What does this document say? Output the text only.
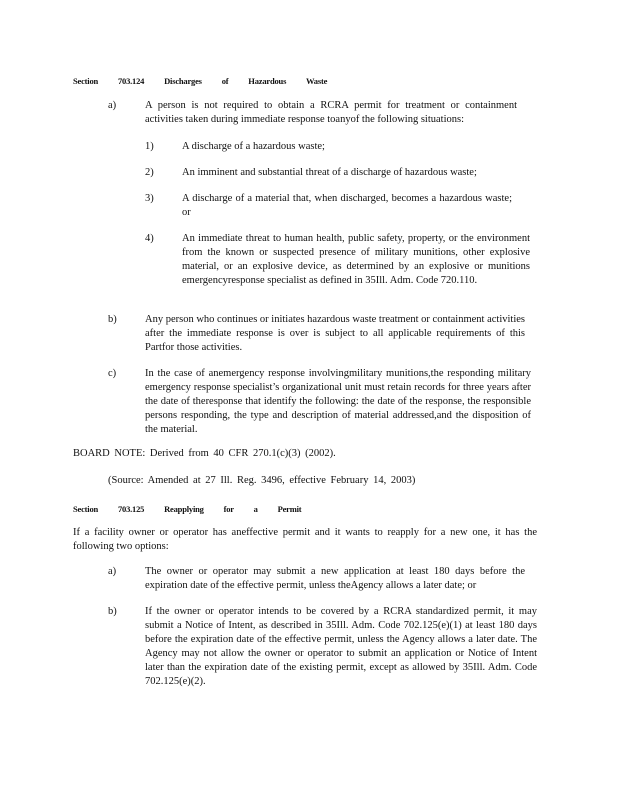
Section 703.124 Discharges of Hazardous Waste
a)	A person is not required to obtain a RCRA permit for treatment or containment activities taken during immediate response toanyof the following situations:
1)	A discharge of a hazardous waste;
2)	An imminent and substantial threat of a discharge of hazardous waste;
3)	A discharge of a material that, when discharged, becomes a hazardous waste; or
4)	An immediate threat to human health, public safety, property, or the environment from the known or suspected presence of military munitions, other explosive material, or an explosive device, as determined by an explosive or munitions emergencyresponse specialist as defined in 35Ill. Adm. Code 720.110.
b)	Any person who continues or initiates hazardous waste treatment or containment activities after the immediate response is over is subject to all applicable requirements of this Partfor those activities.
c)	In the case of anemergency response involvingmilitary munitions,the responding military emergency response specialist’s organizational unit must retain records for three years after the date of theresponse that identify the following: the date of the response, the responsible persons responding, the type and description of material addressed,and the disposition of the material.
BOARD NOTE: Derived from 40 CFR 270.1(c)(3) (2002).
(Source: Amended at 27 Ill. Reg. 3496, effective February 14, 2003)
Section 703.125 Reapplying for a Permit
If a facility owner or operator has aneffective permit and it wants to reapply for a new one, it has the following two options:
a)	The owner or operator may submit a new application at least 180 days before the expiration date of the effective permit, unless theAgency allows a later date; or
b)	If the owner or operator intends to be covered by a RCRA standardized permit, it may submit a Notice of Intent, as described in 35Ill. Adm. Code 702.125(e)(1) at least 180 days before the expiration date of the effective permit, unless the Agency allows a later date. The Agency may not allow the owner or operator to submit an application or Notice of Intent later than the expiration date of the existing permit, except as allowed by 35Ill. Adm. Code 702.125(e)(2).
